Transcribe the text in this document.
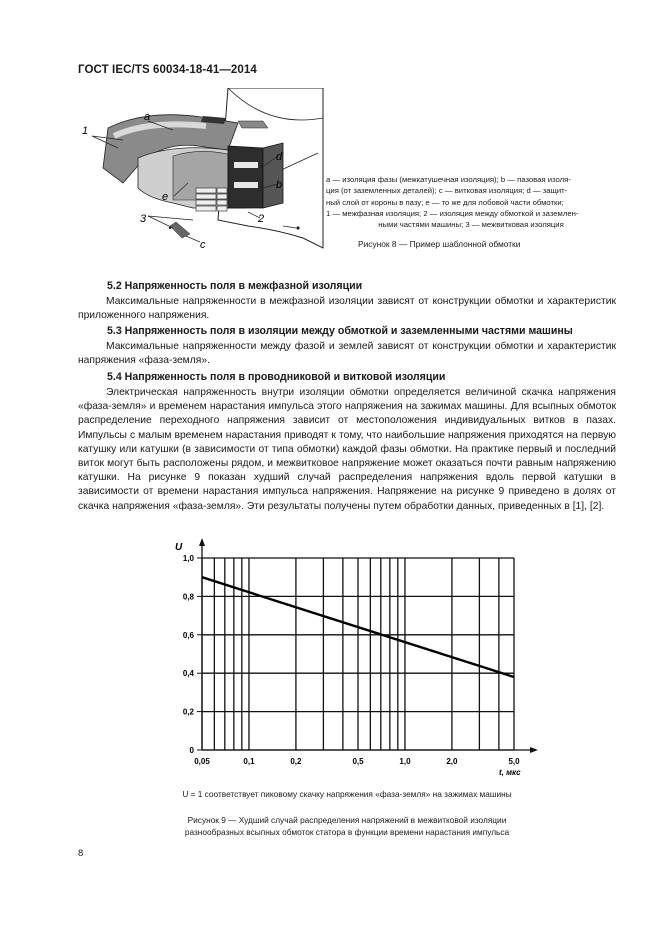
ГОСТ IEC/TS 60034-18-41—2014
1
a
d
b
e
2
3
c
a — изоляция фазы (межкатушечная изоляция); b — пазовая изоля-
ция (от заземленных деталей); c — витковая изоляция; d — защит-
ный слой от короны в пазу; e — то же для лобовой части обмотки;
1 — межфазная изоляция; 2 — изоляция между обмоткой и заземлен-
ными частями машины; 3 — межвитковая изоляция
Рисунок 8 — Пример шаблонной обмотки
5.2 Напряженность поля в межфазной изоляции
Максимальные напряженности в межфазной изоляции зависят от конструкции обмотки и характеристик приложенного напряжения.
5.3 Напряженность поля в изоляции между обмоткой и заземленными частями машины
Максимальные напряженности между фазой и землей зависят от конструкции обмотки и характеристик напряжения «фаза-земля».
5.4 Напряженность поля в проводниковой и витковой изоляции
Электрическая напряженность внутри изоляции обмотки определяется величиной скачка напряжения «фаза-земля» и временем нарастания импульса этого напряжения на зажимах машины. Для всыпных обмоток распределение переходного напряжения зависит от местоположения индивидуальных витков в пазах. Импульсы с малым временем нарастания приводят к тому, что наибольшие напряжения приходятся на первую катушку или катушки (в зависимости от типа обмотки) каждой фазы обмотки. На практике первый и последний виток могут быть расположены рядом, и межвитковое напряжение может оказаться почти равным напряжению катушки. На рисунке 9 показан худший случай распределения напряжения вдоль первой катушки в зависимости от времени нарастания импульса напряжения. Напряжение на рисунке 9 приведено в долях от скачка напряжения «фаза-земля». Эти результаты получены путем обработки данных, приведенных в [1], [2].
0
0,2
0,4
0,6
0,8
1,0
0,05	0,1	0,2	0,5	1,0	2,0	5,0
U
t, мкс
U = 1 соответствует пиковому скачку напряжения «фаза-земля» на зажимах машины
Рисунок 9 — Худший случай распределения напряжений в межвитковой изоляции
разнообразных всыпных обмоток статора в функции времени нарастания импульса
8
